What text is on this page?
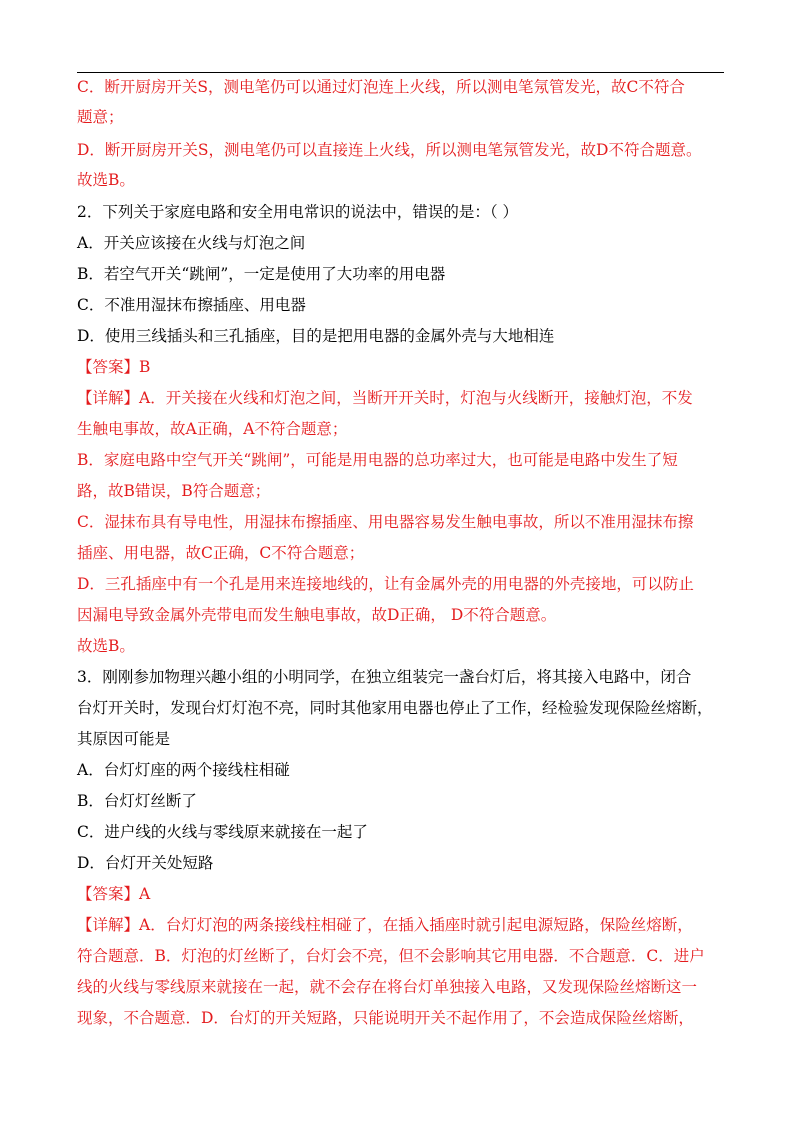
C．断开厨房开关S，测电笔仍可以通过灯泡连上火线，所以测电笔氖管发光，故C不符合
题意；
D．断开厨房开关S，测电笔仍可以直接连上火线，所以测电笔氖管发光，故D不符合题意。
故选B。
2．下列关于家庭电路和安全用电常识的说法中，错误的是：（ ）
A．开关应该接在火线与灯泡之间
B．若空气开关“跳闸”，一定是使用了大功率的用电器
C．不准用湿抹布擦插座、用电器
D．使用三线插头和三孔插座，目的是把用电器的金属外壳与大地相连
【答案】B
【详解】A．开关接在火线和灯泡之间，当断开开关时，灯泡与火线断开，接触灯泡，不发
生触电事故，故A正确，A不符合题意；
B．家庭电路中空气开关“跳闸”，可能是用电器的总功率过大，也可能是电路中发生了短
路，故B错误，B符合题意；
C．湿抹布具有导电性，用湿抹布擦插座、用电器容易发生触电事故，所以不准用湿抹布擦
插座、用电器，故C正确，C不符合题意；
D．三孔插座中有一个孔是用来连接地线的，让有金属外壳的用电器的外壳接地，可以防止
因漏电导致金属外壳带电而发生触电事故，故D正确， D不符合题意。
故选B。
3．刚刚参加物理兴趣小组的小明同学，在独立组装完一盏台灯后，将其接入电路中，闭合
台灯开关时，发现台灯灯泡不亮，同时其他家用电器也停止了工作，经检验发现保险丝熔断，
其原因可能是
A．台灯灯座的两个接线柱相碰
B．台灯灯丝断了
C．进户线的火线与零线原来就接在一起了
D．台灯开关处短路
【答案】A
【详解】A．台灯灯泡的两条接线柱相碰了，在插入插座时就引起电源短路，保险丝熔断，
符合题意．B．灯泡的灯丝断了，台灯会不亮，但不会影响其它用电器．不合题意．C．进户
线的火线与零线原来就接在一起，就不会存在将台灯单独接入电路，又发现保险丝熔断这一
现象，不合题意．D．台灯的开关短路，只能说明开关不起作用了，不会造成保险丝熔断，
